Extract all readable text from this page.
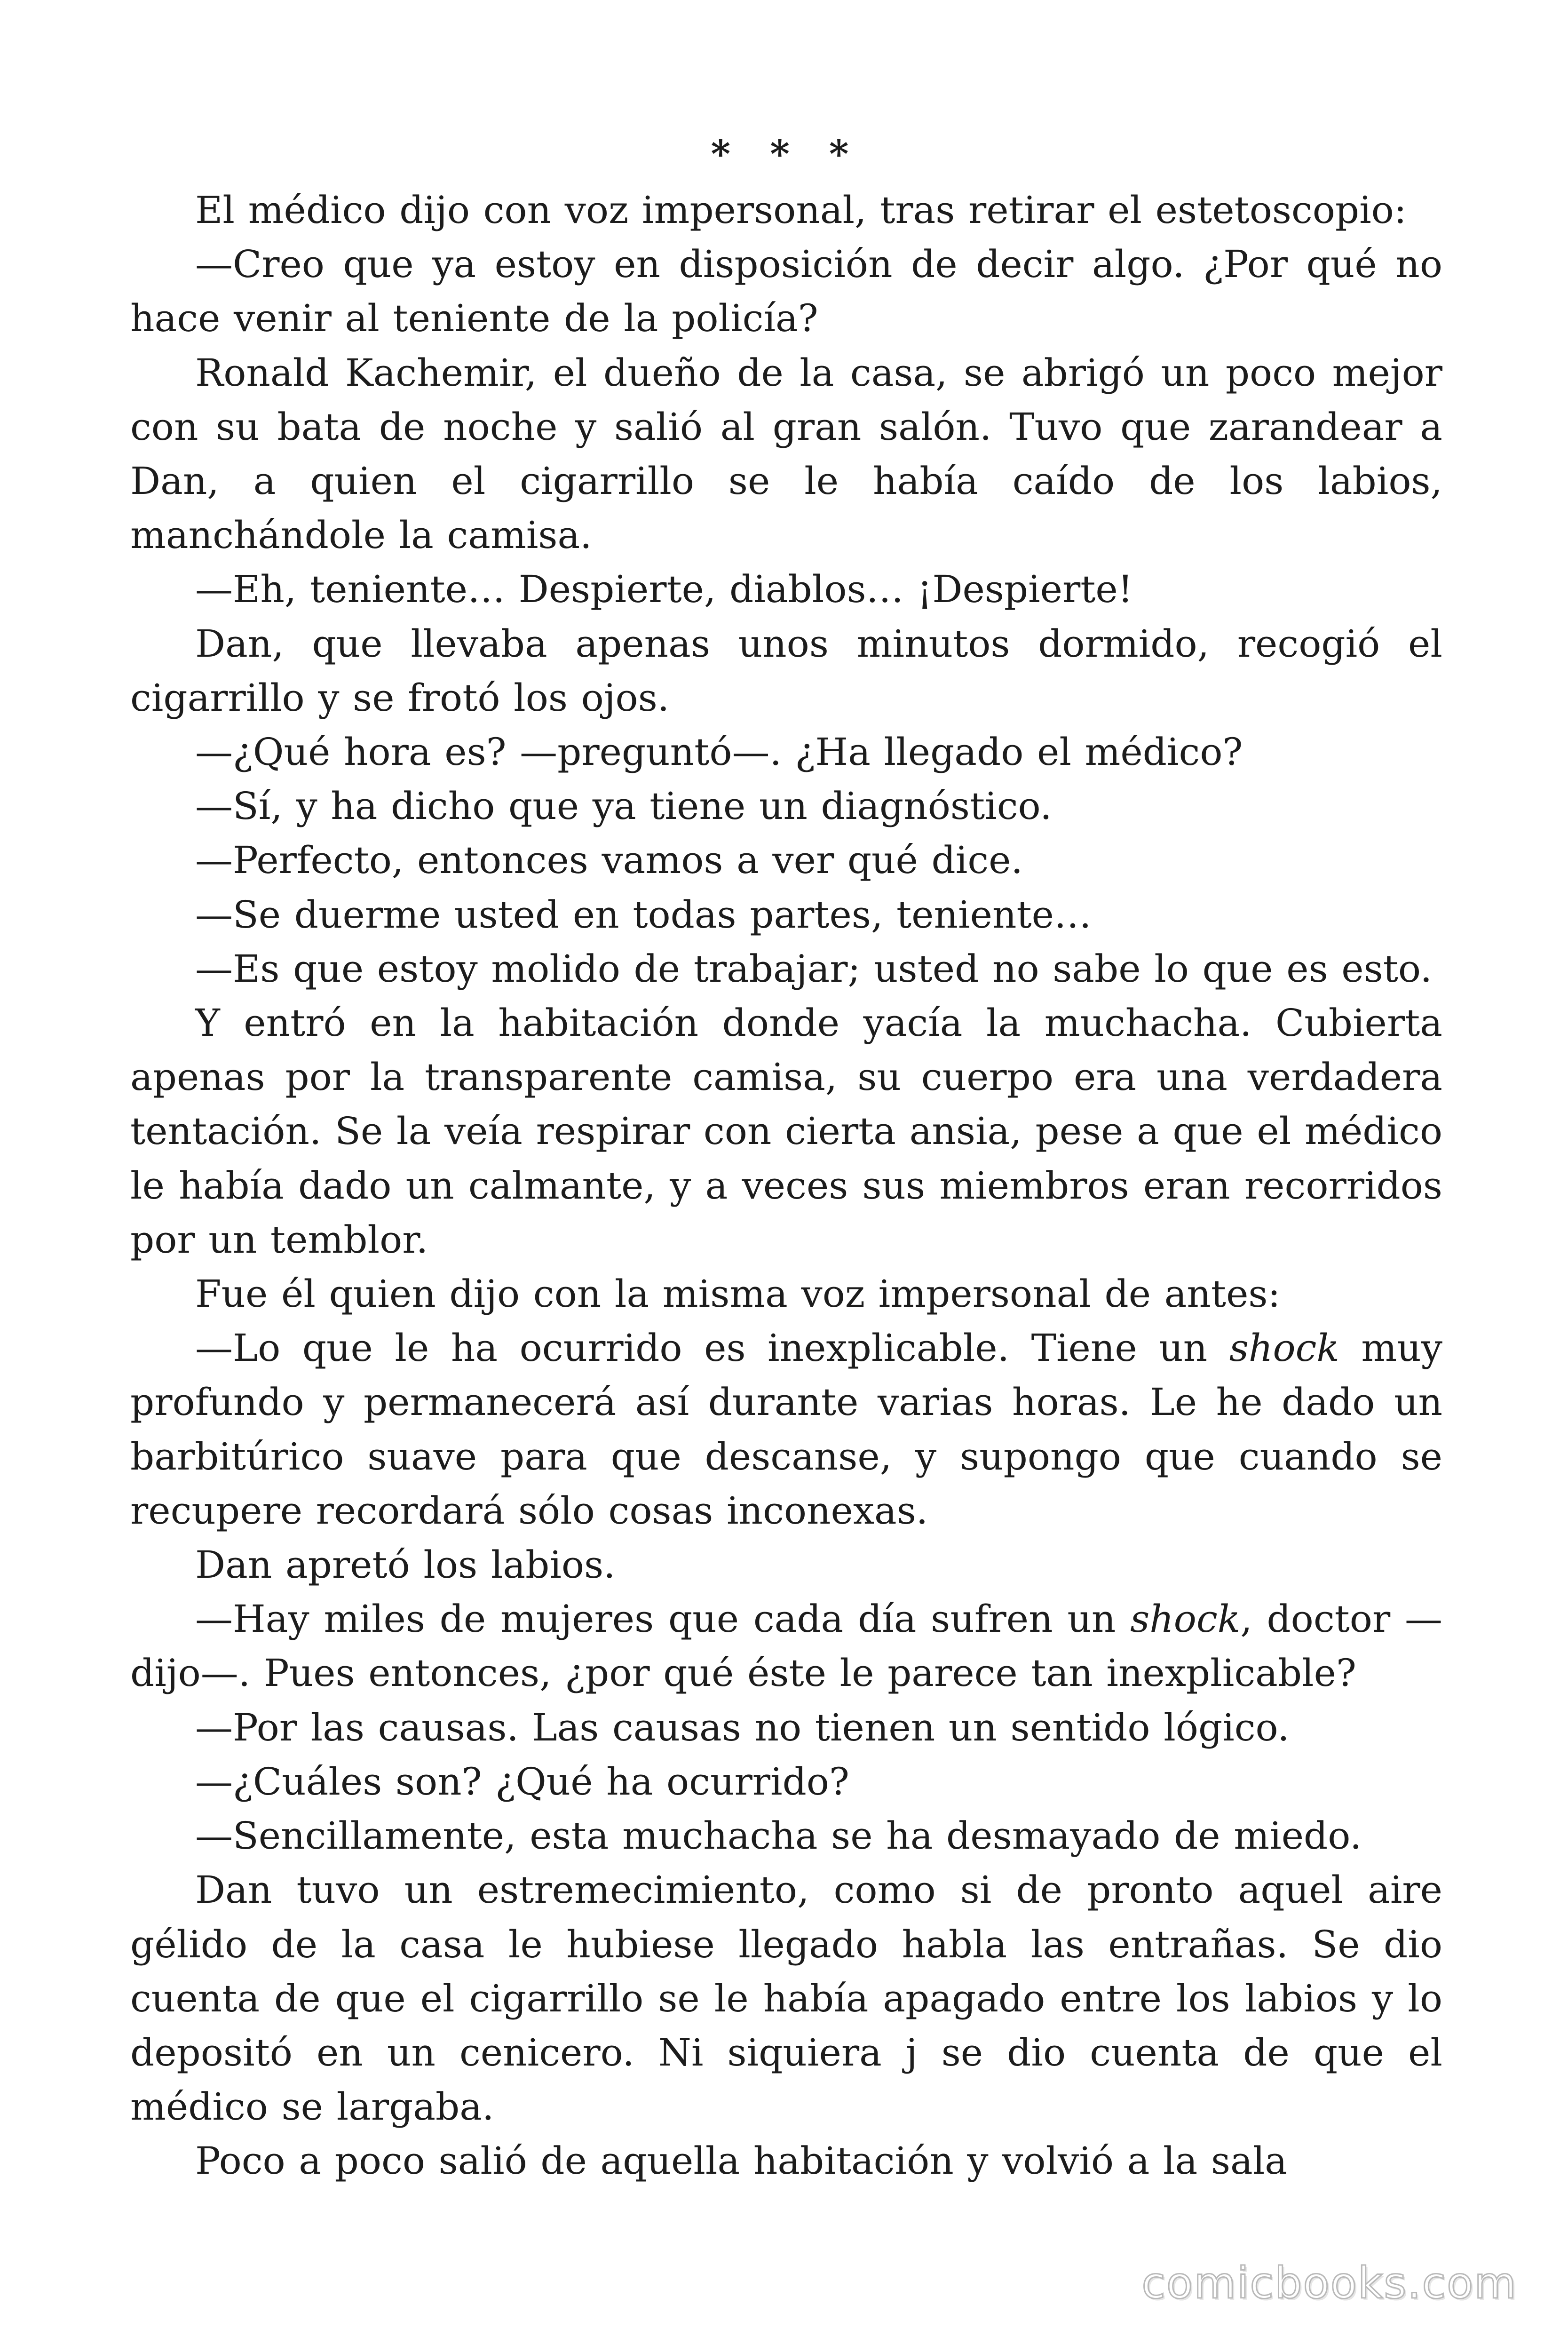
* * *

El médico dijo con voz impersonal, tras retirar el estetoscopio:

—Creo que ya estoy en disposición de decir algo. ¿Por qué no hace venir al teniente de la policía?

Ronald Kachemir, el dueño de la casa, se abrigó un poco mejor con su bata de noche y salió al gran salón. Tuvo que zarandear a Dan, a quien el cigarrillo se le había caído de los labios, manchándole la camisa.

—Eh, teniente… Despierte, diablos… ¡Despierte!

Dan, que llevaba apenas unos minutos dormido, recogió el cigarrillo y se frotó los ojos.

—¿Qué hora es? —preguntó—. ¿Ha llegado el médico?

—Sí, y ha dicho que ya tiene un diagnóstico.

—Perfecto, entonces vamos a ver qué dice.

—Se duerme usted en todas partes, teniente…

—Es que estoy molido de trabajar; usted no sabe lo que es esto.

Y entró en la habitación donde yacía la muchacha. Cubierta apenas por la transparente camisa, su cuerpo era una verdadera tentación. Se la veía respirar con cierta ansia, pese a que el médico le había dado un calmante, y a veces sus miembros eran recorridos por un temblor.

Fue él quien dijo con la misma voz impersonal de antes:

—Lo que le ha ocurrido es inexplicable. Tiene un shock muy profundo y permanecerá así durante varias horas. Le he dado un barbitúrico suave para que descanse, y supongo que cuando se recupere recordará sólo cosas inconexas.

Dan apretó los labios.

—Hay miles de mujeres que cada día sufren un shock, doctor —dijo—. Pues entonces, ¿por qué éste le parece tan inexplicable?

—Por las causas. Las causas no tienen un sentido lógico.

—¿Cuáles son? ¿Qué ha ocurrido?

—Sencillamente, esta muchacha se ha desmayado de miedo.

Dan tuvo un estremecimiento, como si de pronto aquel aire gélido de la casa le hubiese llegado habla las entrañas. Se dio cuenta de que el cigarrillo se le había apagado entre los labios y lo depositó en un cenicero. Ni siquiera j se dio cuenta de que el médico se largaba.

Poco a poco salió de aquella habitación y volvió a la sala

comicbooks.com
